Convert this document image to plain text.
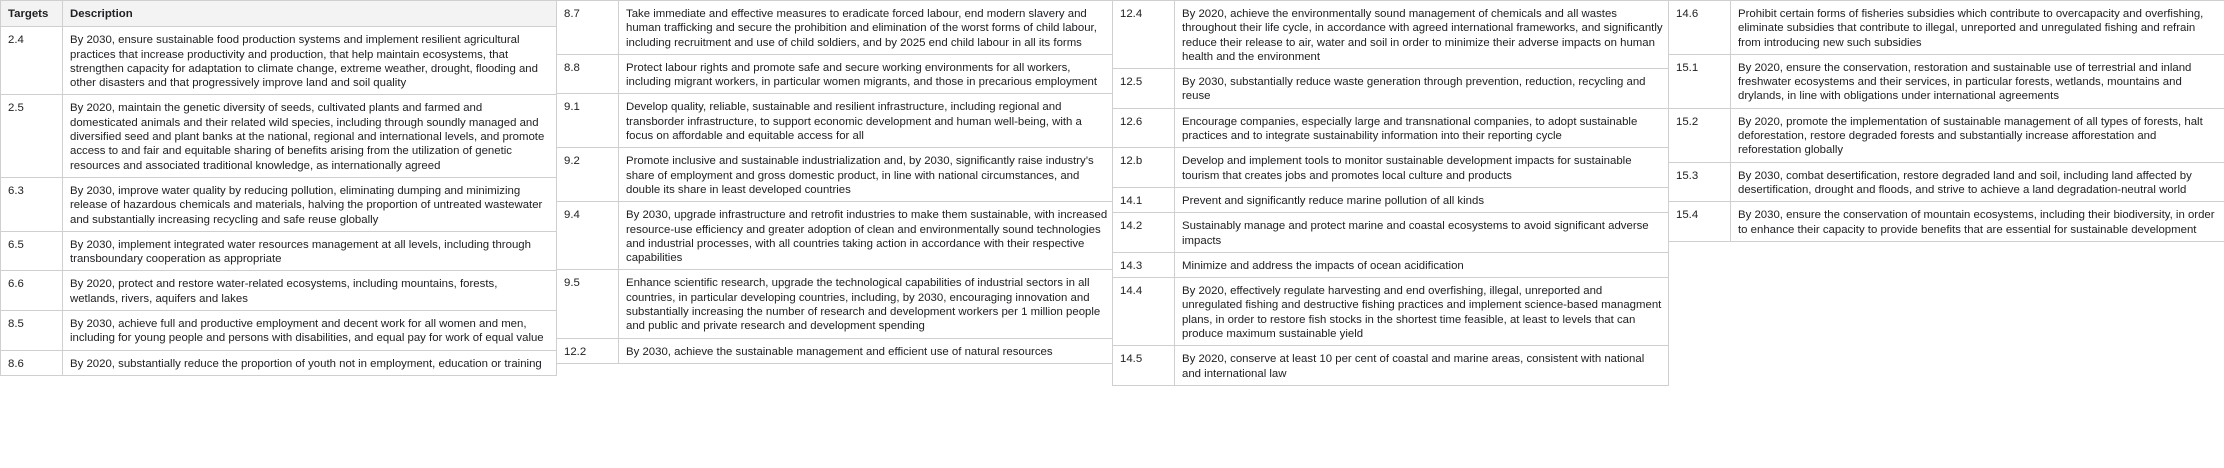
Targets	Description
2.4	By 2030, ensure sustainable food production systems and implement resilient agricultural practices that increase productivity and production, that help maintain ecosystems, that strengthen capacity for adaptation to climate change, extreme weather, drought, flooding and other disasters and that progressively improve land and soil quality
2.5	By 2020, maintain the genetic diversity of seeds, cultivated plants and farmed and domesticated animals and their related wild species, including through soundly managed and diversified seed and plant banks at the national, regional and international levels, and promote access to and fair and equitable sharing of benefits arising from the utilization of genetic resources and associated traditional knowledge, as internationally agreed
6.3	By 2030, improve water quality by reducing pollution, eliminating dumping and minimizing release of hazardous chemicals and materials, halving the proportion of untreated wastewater and substantially increasing recycling and safe reuse globally
6.5	By 2030, implement integrated water resources management at all levels, including through transboundary cooperation as appropriate
6.6	By 2020, protect and restore water-related ecosystems, including mountains, forests, wetlands, rivers, aquifers and lakes
8.5	By 2030, achieve full and productive employment and decent work for all women and men, including for young people and persons with disabilities, and equal pay for work of equal value
8.6	By 2020, substantially reduce the proportion of youth not in employment, education or training
8.7	Take immediate and effective measures to eradicate forced labour, end modern slavery and human trafficking and secure the prohibition and elimination of the worst forms of child labour, including recruitment and use of child soldiers, and by 2025 end child labour in all its forms
8.8	Protect labour rights and promote safe and secure working environments for all workers, including migrant workers, in particular women migrants, and those in precarious employment
9.1	Develop quality, reliable, sustainable and resilient infrastructure, including regional and transborder infrastructure, to support economic development and human well-being, with a focus on affordable and equitable access for all
9.2	Promote inclusive and sustainable industrialization and, by 2030, significantly raise industry’s share of employment and gross domestic product, in line with national circumstances, and double its share in least developed countries
9.4	By 2030, upgrade infrastructure and retrofit industries to make them sustainable, with increased resource-use efficiency and greater adoption of clean and environmentally sound technologies and industrial processes, with all countries taking action in accordance with their respective capabilities
9.5	Enhance scientific research, upgrade the technological capabilities of industrial sectors in all countries, in particular developing countries, including, by 2030, encouraging innovation and substantially increasing the number of research and development workers per 1 million people and public and private research and development spending
12.2	By 2030, achieve the sustainable management and efficient use of natural resources
12.4	By 2020, achieve the environmentally sound management of chemicals and all wastes throughout their life cycle, in accordance with agreed international frameworks, and significantly reduce their release to air, water and soil in order to minimize their adverse impacts on human health and the environment
12.5	By 2030, substantially reduce waste generation through prevention, reduction, recycling and reuse
12.6	Encourage companies, especially large and transnational companies, to adopt sustainable practices and to integrate sustainability information into their reporting cycle
12.b	Develop and implement tools to monitor sustainable development impacts for sustainable tourism that creates jobs and promotes local culture and products
14.1	Prevent and significantly reduce marine pollution of all kinds
14.2	Sustainably manage and protect marine and coastal ecosystems to avoid significant adverse impacts
14.3	Minimize and address the impacts of ocean acidification
14.4	By 2020, effectively regulate harvesting and end overfishing, illegal, unreported and unregulated fishing and destructive fishing practices and implement science-based managment plans, in order to restore fish stocks in the shortest time feasible, at least to levels that can produce maximum sustainable yield
14.5	By 2020, conserve at least 10 per cent of coastal and marine areas, consistent with national and international law
14.6	Prohibit certain forms of fisheries subsidies which contribute to overcapacity and overfishing, eliminate subsidies that contribute to illegal, unreported and unregulated fishing and refrain from introducing new such subsidies
15.1	By 2020, ensure the conservation, restoration and sustainable use of terrestrial and inland freshwater ecosystems and their services, in particular forests, wetlands, mountains and drylands, in line with obligations under international agreements
15.2	By 2020, promote the implementation of sustainable management of all types of forests, halt deforestation, restore degraded forests and substantially increase afforestation and reforestation globally
15.3	By 2030, combat desertification, restore degraded land and soil, including land affected by desertification, drought and floods, and strive to achieve a land degradation-neutral world
15.4	By 2030, ensure the conservation of mountain ecosystems, including their biodiversity, in order to enhance their capacity to provide benefits that are essential for sustainable development
